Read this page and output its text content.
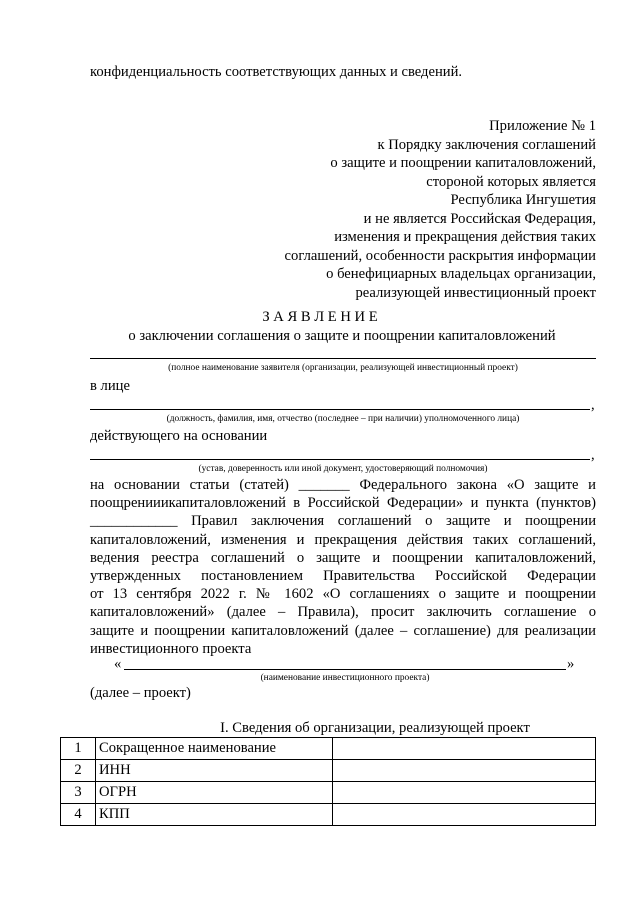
конфиденциальность соответствующих данных и сведений.
Приложение № 1
к Порядку заключения соглашений
о защите и поощрении капиталовложений,
стороной которых является
Республика Ингушетия
и не является Российская Федерация,
изменения и прекращения действия таких
соглашений, особенности раскрытия информации
о бенефициарных владельцах организации,
реализующей инвестиционный проект
З А Я В Л Е Н И Е
о заключении соглашения о защите и поощрении капиталовложений
(полное наименование заявителя (организации, реализующей инвестиционный проект)
в лице
,
(должность, фамилия, имя, отчество (последнее – при наличии) уполномоченного лица)
действующего на основании
,
(устав, доверенность или иной документ, удостоверяющий полномочия)
на основании статьи (статей) _______ Федерального закона «О защите и
поощренииикапиталовложений в Российской Федерации» и пункта (пунктов)
____________ Правил заключения соглашений о защите и поощрении
капиталовложений, изменения и прекращения действия таких соглашений,
ведения реестра соглашений о защите и поощрении капиталовложений,
утвержденных постановлением Правительства Российской Федерации
от 13 сентября 2022 г. № 1602 «О соглашениях о защите и поощрении
капиталовложений» (далее – Правила), просит заключить соглашение о
защите и поощрении капиталовложений (далее – соглашение) для реализации
инвестиционного проекта
«	»
(наименование инвестиционного проекта)
(далее – проект)
I. Сведения об организации, реализующей проект
1	Сокращенное наименование	
2	ИНН	
3	ОГРН	
4	КПП	
